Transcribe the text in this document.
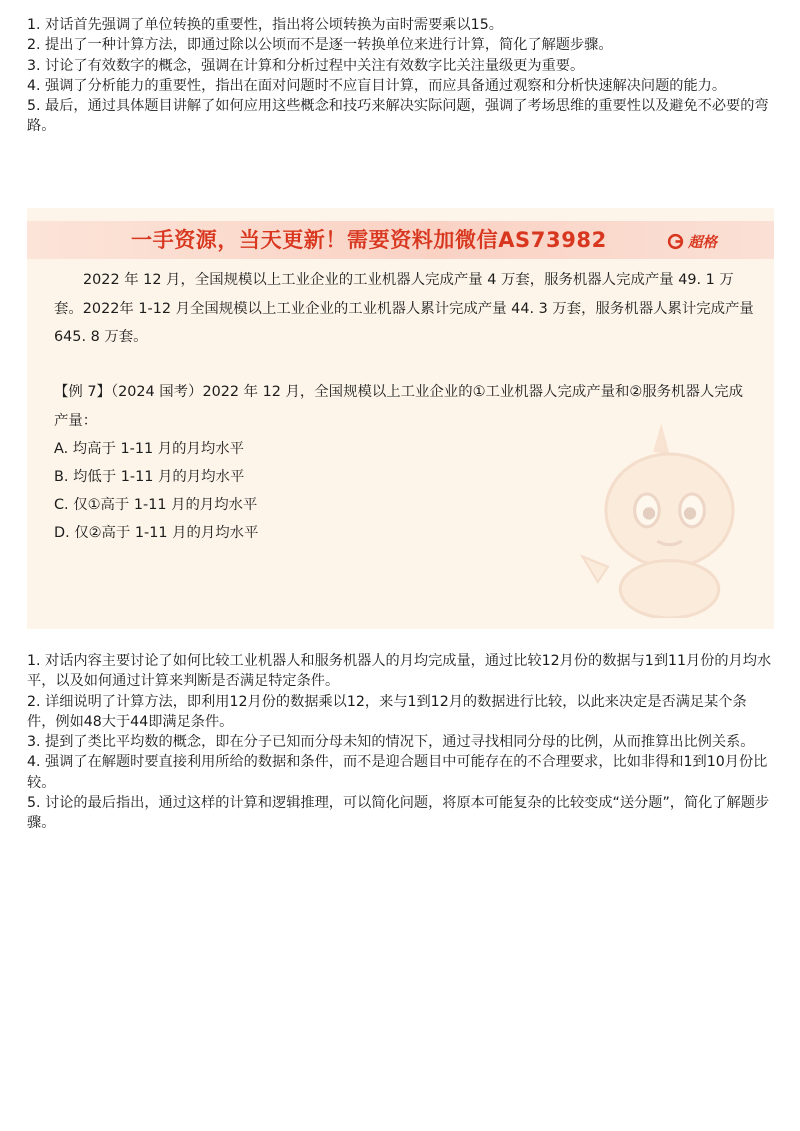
1. 对话首先强调了单位转换的重要性，指出将公顷转换为亩时需要乘以15。

2. 提出了一种计算方法，即通过除以公顷而不是逐一转换单位来进行计算，简化了解题步骤。

3. 讨论了有效数字的概念，强调在计算和分析过程中关注有效数字比关注量级更为重要。

4. 强调了分析能力的重要性，指出在面对问题时不应盲目计算，而应具备通过观察和分析快速解决问题的能力。

5. 最后，通过具体题目讲解了如何应用这些概念和技巧来解决实际问题，强调了考场思维的重要性以及避免不必要的弯路。

一手资源，当天更新！需要资料加微信AS73982	超格

2022 年 12 月，全国规模以上工业企业的工业机器人完成产量 4 万套，服务机器人完成产量 49. 1 万套。2022年 1-12 月全国规模以上工业企业的工业机器人累计完成产量 44. 3 万套，服务机器人累计完成产量 645. 8 万套。

【例 7】（2024 国考）2022 年 12 月，全国规模以上工业企业的①工业机器人完成产量和②服务机器人完成产量：

A. 均高于 1-11 月的月均水平
B. 均低于 1-11 月的月均水平
C. 仅①高于 1-11 月的月均水平
D. 仅②高于 1-11 月的月均水平

1. 对话内容主要讨论了如何比较工业机器人和服务机器人的月均完成量，通过比较12月份的数据与1到11月份的月均水平，以及如何通过计算来判断是否满足特定条件。

2. 详细说明了计算方法，即利用12月份的数据乘以12，来与1到12月的数据进行比较，以此来决定是否满足某个条件，例如48大于44即满足条件。

3. 提到了类比平均数的概念，即在分子已知而分母未知的情况下，通过寻找相同分母的比例，从而推算出比例关系。

4. 强调了在解题时要直接利用所给的数据和条件，而不是迎合题目中可能存在的不合理要求，比如非得和1到10月份比较。

5. 讨论的最后指出，通过这样的计算和逻辑推理，可以简化问题，将原本可能复杂的比较变成“送分题”，简化了解题步骤。
